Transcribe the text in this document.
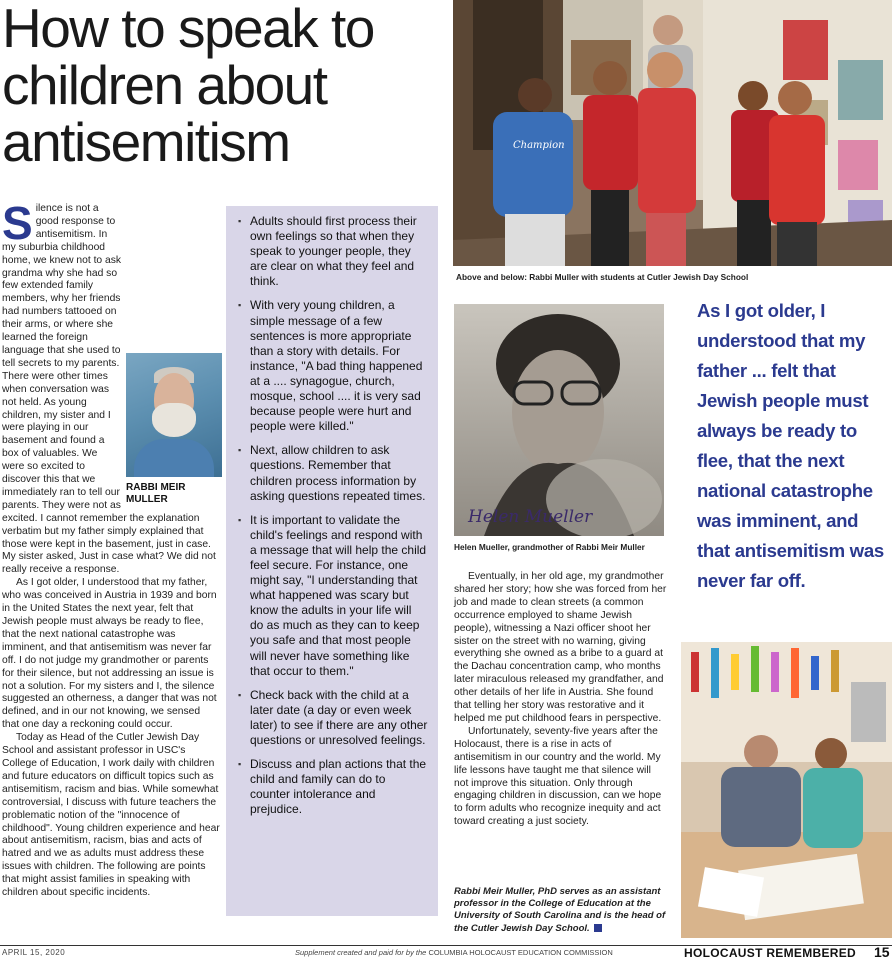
How to speak to children about antisemitism

S
RABBI MEIR MULLER
ilence is not a good response to antisemitism. In my suburbia childhood home, we knew not to ask grandma why she had so few extended family members, why her friends had numbers tattooed on their arms, or where she learned the foreign language that she used to tell secrets to my parents. There were other times when conversation was not held. As young children, my sister and I were playing in our basement and found a box of valuables. We were so excited to discover this that we immediately ran to tell our parents. They were not as excited. I cannot remember the explanation verbatim but my father simply explained that those were kept in the basement, just in case. My sister asked, Just in case what? We did not really receive a response.

As I got older, I understood that my father, who was conceived in Austria in 1939 and born in the United States the next year, felt that Jewish people must always be ready to flee, that the next national catastrophe was imminent, and that antisemitism was never far off. I do not judge my grandmother or parents for their silence, but not addressing an issue is not a solution. For my sisters and I, the silence suggested an otherness, a danger that was not defined, and in our not knowing, we sensed that one day a reckoning could occur.

Today as Head of the Cutler Jewish Day School and assistant professor in USC's College of Education, I work daily with children and future educators on difficult topics such as antisemitism, racism and bias. While somewhat controversial, I discuss with future teachers the problematic notion of the "innocence of childhood". Young children experience and hear about antisemitism, racism, bias and acts of hatred and we as adults must address these issues with children. The following are points that might assist families in speaking with children about specific incidents.

▪ Adults should first process their own feelings so that when they speak to younger people, they are clear on what they feel and think.
▪ With very young children, a simple message of a few sentences is more appropriate than a story with details. For instance, "A bad thing happened at a .... synagogue, church, mosque, school .... it is very sad because people were hurt and people were killed."
▪ Next, allow children to ask questions. Remember that children process information by asking questions repeated times.
▪ It is important to validate the child's feelings and respond with a message that will help the child feel secure. For instance, one might say, "I understanding that what happened was scary but know the adults in your life will do as much as they can to keep you safe and that most people will never have something like that occur to them."
▪ Check back with the child at a later date (a day or even week later) to see if there are any other questions or unresolved feelings.
▪ Discuss and plan actions that the child and family can do to counter intolerance and prejudice.
Champion
Above and below: Rabbi Muller with students at Cutler Jewish Day School
Helen Mueller
Helen Mueller, grandmother of Rabbi Meir Muller

Eventually, in her old age, my grandmother shared her story; how she was forced from her job and made to clean streets (a common occurrence employed to shame Jewish people), witnessing a Nazi officer shoot her sister on the street with no warning, giving everything she owned as a bribe to a guard at the Dachau concentration camp, who months later miraculous released my grandfather, and other details of her life in Austria. She found that telling her story was restorative and it helped me put childhood fears in perspective.

Unfortunately, seventy-five years after the Holocaust, there is a rise in acts of antisemitism in our country and the world. My life lessons have taught me that silence will not improve this situation. Only through engaging children in discussion, can we hope to form adults who recognize inequity and act toward creating a just society.

Rabbi Meir Muller, PhD serves as an assistant professor in the College of Education at the University of South Carolina and is the head of the Cutler Jewish Day School.
As I got older, I understood that my father ... felt that Jewish people must always be ready to flee, that the next national catastrophe was imminent, and that antisemitism was never far off.
APRIL 15, 2020	Supplement created and paid for by the COLUMBIA HOLOCAUST EDUCATION COMMISSION	HOLOCAUST REMEMBERED 15
